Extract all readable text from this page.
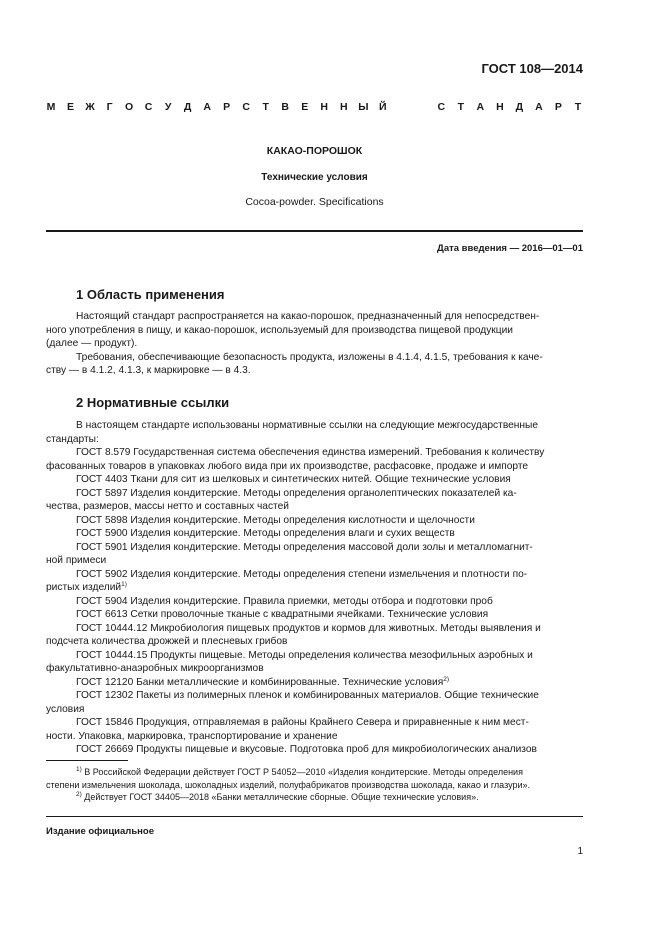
ГОСТ 108—2014
М Е Ж Г О С У Д А Р С Т В Е Н Н Ы Й	С Т А Н Д А Р Т
КАКАО-ПОРОШОК
Технические условия
Cocoa-powder. Specifications
Дата введения — 2016—01—01
1 Область применения
Настоящий стандарт распространяется на какао-порошок, предназначенный для непосредствен-
ного употребления в пищу, и какао-порошок, используемый для производства пищевой продукции
(далее — продукт).
Требования, обеспечивающие безопасность продукта, изложены в 4.1.4, 4.1.5, требования к каче-
ству — в 4.1.2, 4.1.3, к маркировке — в 4.3.
2 Нормативные ссылки
В настоящем стандарте использованы нормативные ссылки на следующие межгосударственные
стандарты:
ГОСТ 8.579 Государственная система обеспечения единства измерений. Требования к количеству
фасованных товаров в упаковках любого вида при их производстве, расфасовке, продаже и импорте
ГОСТ 4403 Ткани для сит из шелковых и синтетических нитей. Общие технические условия
ГОСТ 5897 Изделия кондитерские. Методы определения органолептических показателей ка-
чества, размеров, массы нетто и составных частей
ГОСТ 5898 Изделия кондитерские. Методы определения кислотности и щелочности
ГОСТ 5900 Изделия кондитерские. Методы определения влаги и сухих веществ
ГОСТ 5901 Изделия кондитерские. Методы определения массовой доли золы и металломагнит-
ной примеси
ГОСТ 5902 Изделия кондитерские. Методы определения степени измельчения и плотности по-
ристых изделий$^{1)}$
ГОСТ 5904 Изделия кондитерские. Правила приемки, методы отбора и подготовки проб
ГОСТ 6613 Сетки проволочные тканые с квадратными ячейками. Технические условия
ГОСТ 10444.12 Микробиология пищевых продуктов и кормов для животных. Методы выявления и
подсчета количества дрожжей и плесневых грибов
ГОСТ 10444.15 Продукты пищевые. Методы определения количества мезофильных аэробных и
факультативно-анаэробных микроорганизмов
ГОСТ 12120 Банки металлические и комбинированные. Технические условия$^{2)}$
ГОСТ 12302 Пакеты из полимерных пленок и комбинированных материалов. Общие технические
условия
ГОСТ 15846 Продукция, отправляемая в районы Крайнего Севера и приравненные к ним мест-
ности. Упаковка, маркировка, транспортирование и хранение
ГОСТ 26669 Продукты пищевые и вкусовые. Подготовка проб для микробиологических анализов
$^{1)}$ В Российской Федерации действует ГОСТ Р 54052—2010 «Изделия кондитерские. Методы определения
степени измельчения шоколада, шоколадных изделий, полуфабрикатов производства шоколада, какао и глазури».
$^{2)}$ Действует ГОСТ 34405—2018 «Банки металлические сборные. Общие технические условия».
Издание официальное
1
